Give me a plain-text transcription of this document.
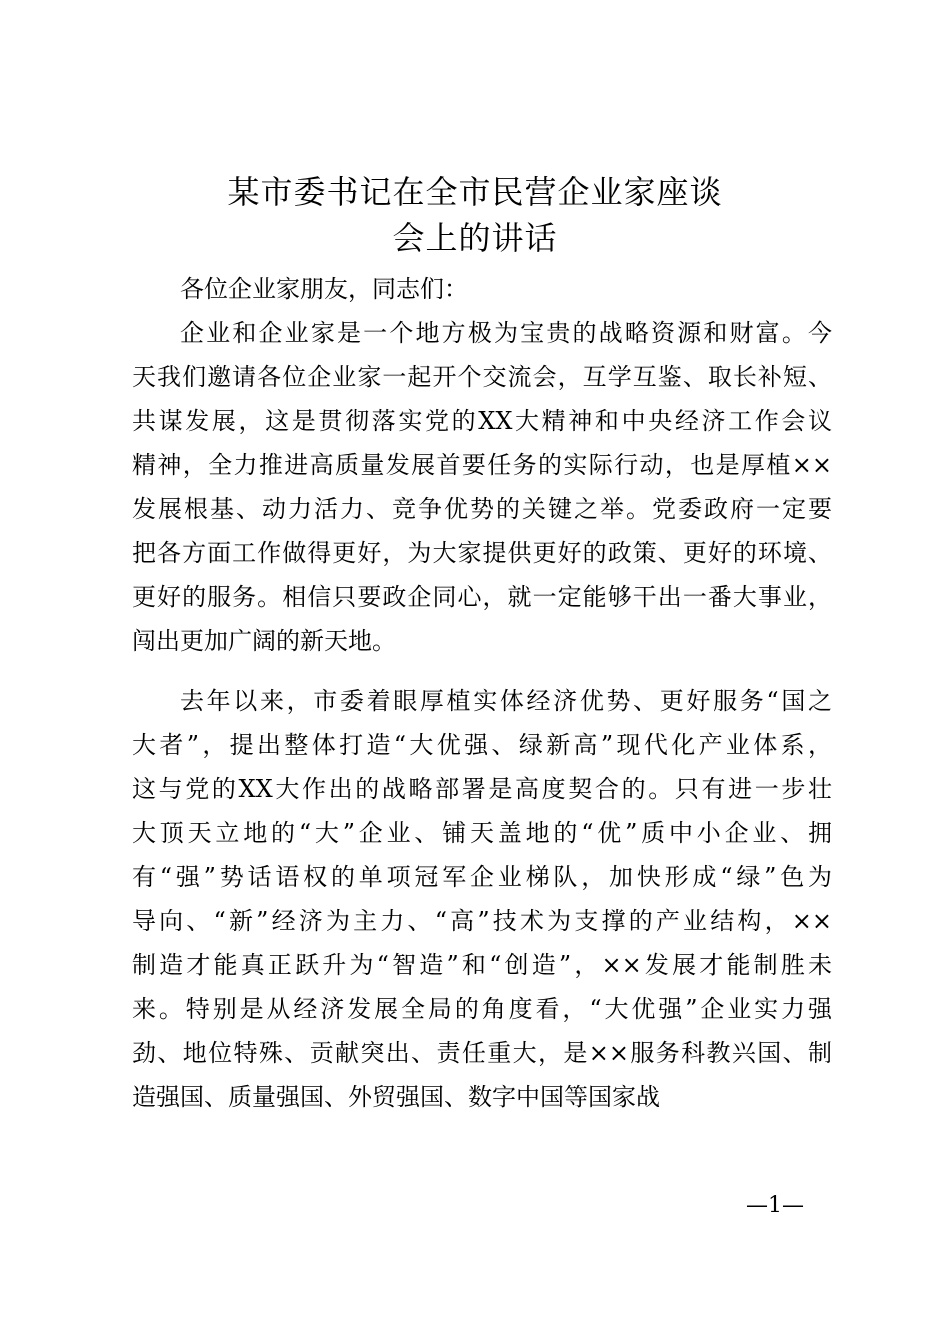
某市委书记在全市民营企业家座谈
会上的讲话
各位企业家朋友，同志们：
企业和企业家是一个地方极为宝贵的战略资源和财富。今
天我们邀请各位企业家一起开个交流会，互学互鉴、取长补短、
共谋发展，这是贯彻落实党的XX大精神和中央经济工作会议
精神，全力推进高质量发展首要任务的实际行动，也是厚植××
发展根基、动力活力、竞争优势的关键之举。党委政府一定要
把各方面工作做得更好，为大家提供更好的政策、更好的环境、
更好的服务。相信只要政企同心，就一定能够干出一番大事业，
闯出更加广阔的新天地。
去年以来，市委着眼厚植实体经济优势、更好服务“国之
大者”，提出整体打造“大优强、绿新高”现代化产业体系，
这与党的XX大作出的战略部署是高度契合的。只有进一步壮
大顶天立地的“大”企业、铺天盖地的“优”质中小企业、拥
有“强”势话语权的单项冠军企业梯队，加快形成“绿”色为
导向、“新”经济为主力、“高”技术为支撑的产业结构，××
制造才能真正跃升为“智造”和“创造”，××发展才能制胜未
来。特别是从经济发展全局的角度看，“大优强”企业实力强
劲、地位特殊、贡献突出、责任重大，是××服务科教兴国、制
造强国、质量强国、外贸强国、数字中国等国家战
—1—
